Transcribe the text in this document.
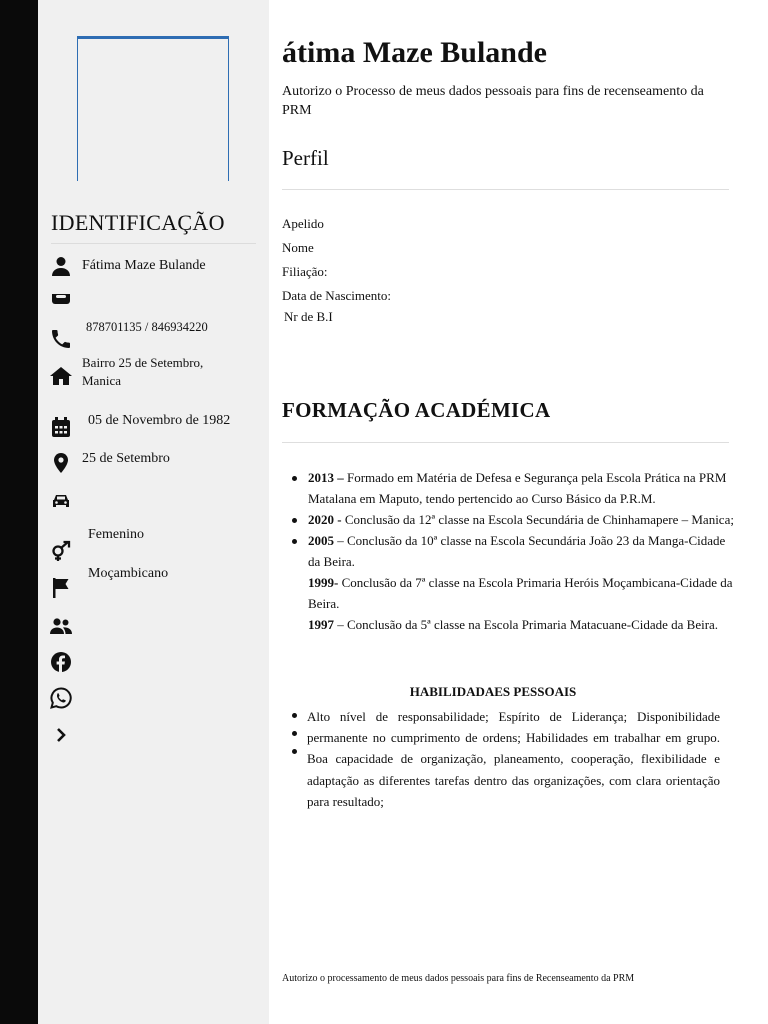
IDENTIFICAÇÃO
Fátima Maze Bulande
878701135 / 846934220
Bairro 25 de Setembro, Manica
05 de Novembro de 1982
25 de Setembro
Femenino
Moçambicano
átima Maze Bulande
Autorizo o Processo de meus dados pessoais para fins de recenseamento da PRM
Perfil
Apelido
Nome
Filiação:
Data de Nascimento:
Nr de B.I
FORMAÇÃO ACADÉMICA
2013 – Formado em Matéria de Defesa e Segurança pela Escola Prática na PRM Matalana em Maputo, tendo pertencido ao Curso Básico da P.R.M.
2020 - Conclusão da 12ª classe na Escola Secundária de Chinhamapere – Manica;
2005 – Conclusão da 10ª classe na Escola Secundária João 23 da Manga-Cidade da Beira.
1999- Conclusão da 7ª classe na Escola Primaria Heróis Moçambicana-Cidade da Beira.
1997 – Conclusão da 5ª classe na Escola Primaria Matacuane-Cidade da Beira.
HABILIDADAES PESSOAIS
Alto nível de responsabilidade; Espírito de Liderança; Disponibilidade permanente no cumprimento de ordens; Habilidades em trabalhar em grupo. Boa capacidade de organização, planeamento, cooperação, flexibilidade e adaptação as diferentes tarefas dentro das organizações, com clara orientação para resultado;
Autorizo o processamento de meus dados pessoais para fins de Recenseamento da PRM
